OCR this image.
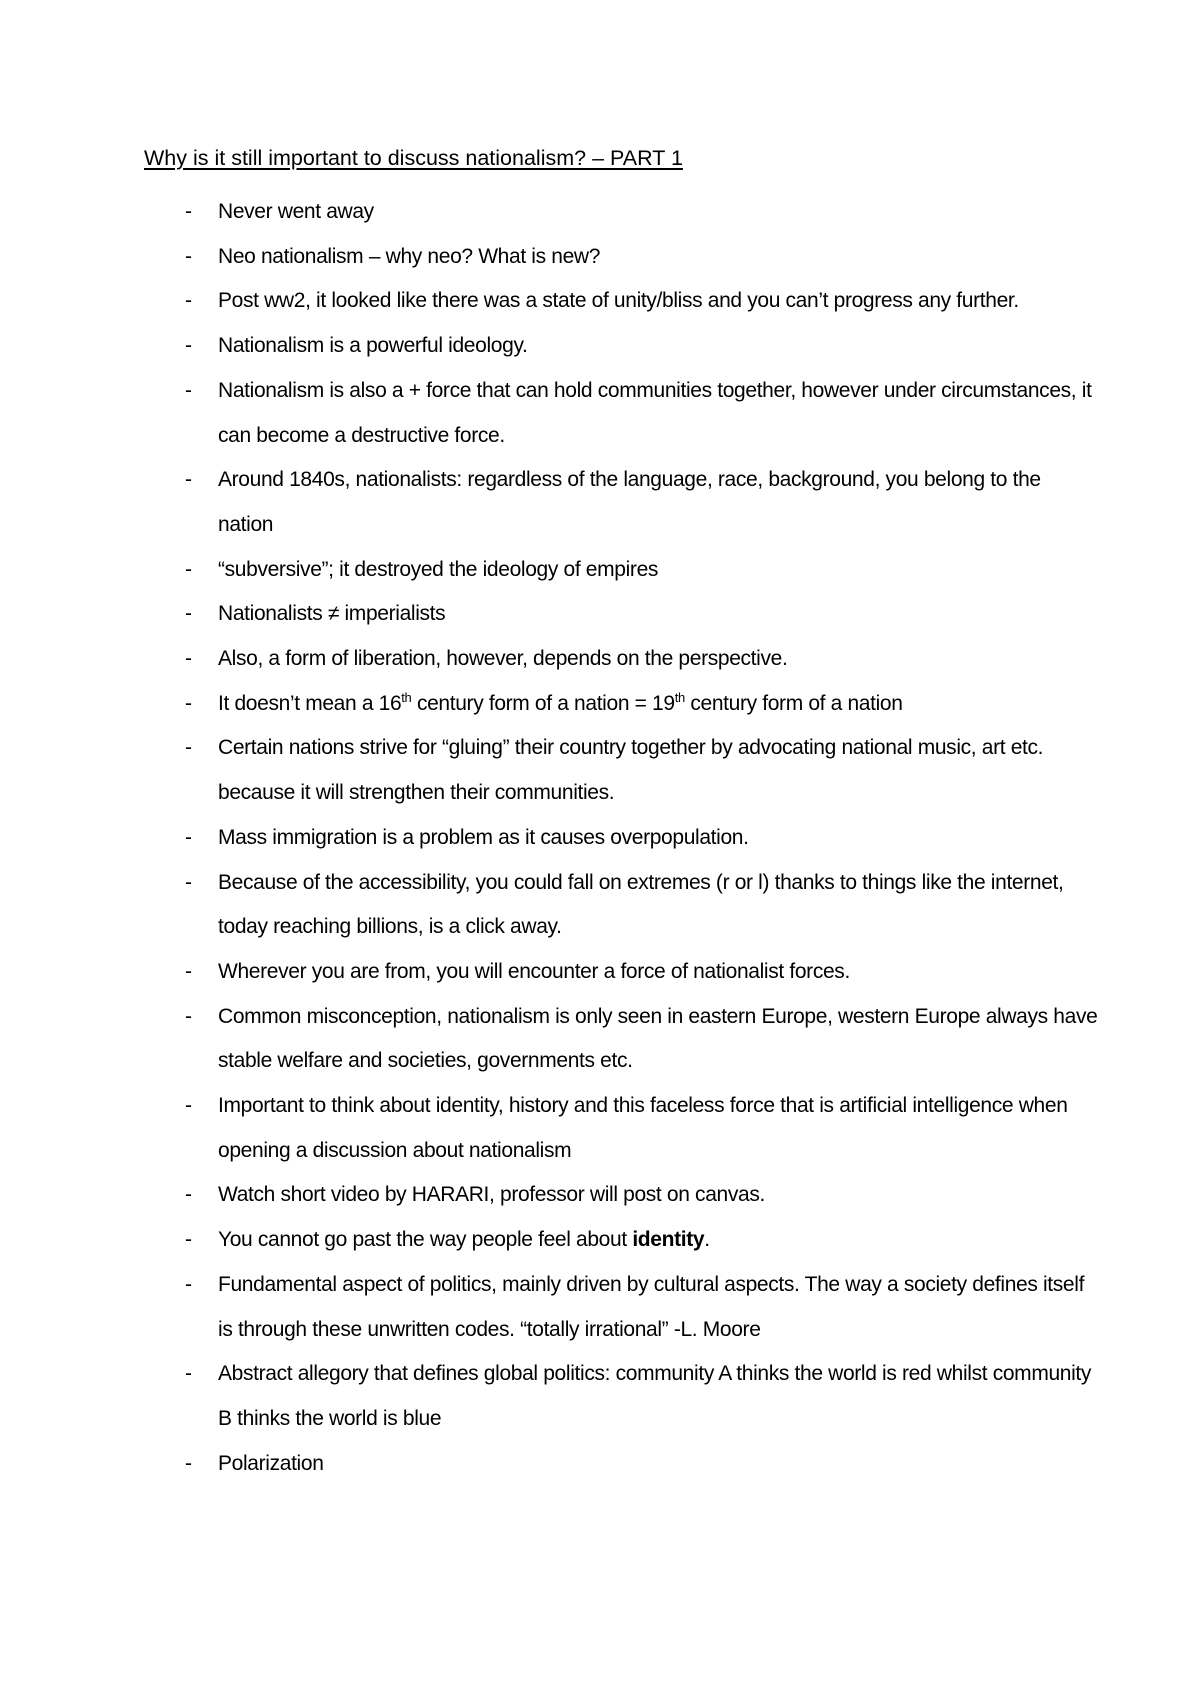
Why is it still important to discuss nationalism? – PART 1
- Never went away
- Neo nationalism – why neo? What is new?
- Post ww2, it looked like there was a state of unity/bliss and you can’t progress any further.
- Nationalism is a powerful ideology.
- Nationalism is also a + force that can hold communities together, however under circumstances, it can become a destructive force.
- Around 1840s, nationalists: regardless of the language, race, background, you belong to the nation
- “subversive”; it destroyed the ideology of empires
- Nationalists ≠ imperialists
- Also, a form of liberation, however, depends on the perspective.
- It doesn’t mean a 16th century form of a nation = 19th century form of a nation
- Certain nations strive for “gluing” their country together by advocating national music, art etc. because it will strengthen their communities.
- Mass immigration is a problem as it causes overpopulation.
- Because of the accessibility, you could fall on extremes (r or l) thanks to things like the internet, today reaching billions, is a click away.
- Wherever you are from, you will encounter a force of nationalist forces.
- Common misconception, nationalism is only seen in eastern Europe, western Europe always have stable welfare and societies, governments etc.
- Important to think about identity, history and this faceless force that is artificial intelligence when opening a discussion about nationalism
- Watch short video by HARARI, professor will post on canvas.
- You cannot go past the way people feel about identity.
- Fundamental aspect of politics, mainly driven by cultural aspects. The way a society defines itself is through these unwritten codes. “totally irrational” -L. Moore
- Abstract allegory that defines global politics: community A thinks the world is red whilst community B thinks the world is blue
- Polarization
